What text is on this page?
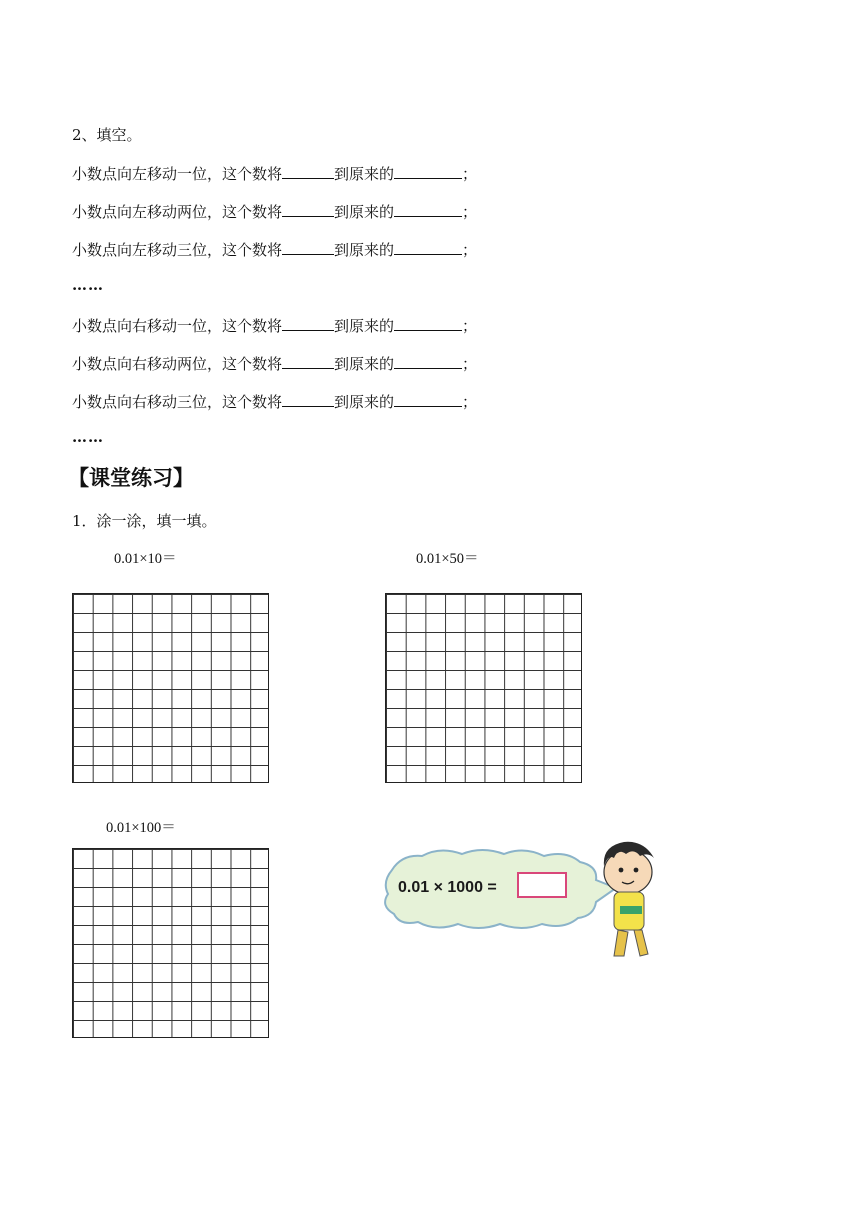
2、填空。
小数点向左移动一位，这个数将	到原来的	；
小数点向左移动两位，这个数将	到原来的	；
小数点向左移动三位，这个数将	到原来的	；
……
小数点向右移动一位，这个数将	到原来的	；
小数点向右移动两位，这个数将	到原来的	；
小数点向右移动三位，这个数将	到原来的	；
……
【课堂练习】
1．涂一涂，填一填。
0.01×10＝	0.01×50＝
0.01×100＝
0.01 × 1000 =
